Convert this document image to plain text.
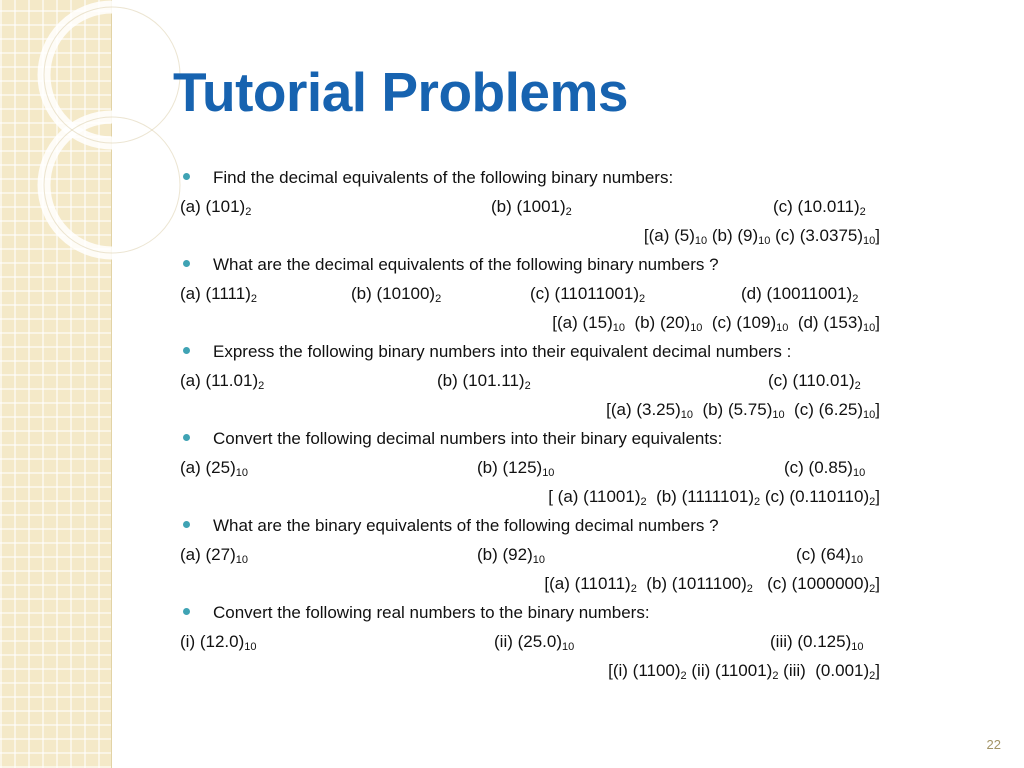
Tutorial Problems
Find the decimal equivalents of the following binary numbers:
(a) $(101)_2$	(b) $(1001)_2$	(c) $(10.011)_2$
[(a) $(5)_{10}$ (b) $(9)_{10}$ (c) $(3.0375)_{10}$]
What are the decimal equivalents of the following binary numbers ?
(a) $(1111)_2$	(b) $(10100)_2$	(c) $(11011001)_2$	(d) $(10011001)_2$
[(a) $(15)_{10}$  (b) $(20)_{10}$  (c) $(109)_{10}$  (d) $(153)_{10}$]
Express the following binary numbers into their equivalent decimal numbers :
(a) $(11.01)_2$	(b) $(101.11)_2$	(c) $(110.01)_2$
[(a) $(3.25)_{10}$  (b) $(5.75)_{10}$  (c) $(6.25)_{10}$]
Convert the following decimal numbers into their binary equivalents:
(a) $(25)_{10}$	(b) $(125)_{10}$	(c) $(0.85)_{10}$
[ (a) $(11001)_2$  (b) $(1111101)_2$ (c) $(0.110110)_2$]
What are the binary equivalents of the following decimal numbers ?
(a) $(27)_{10}$	(b) $(92)_{10}$	(c) $(64)_{10}$
[(a) $(11011)_2$  (b) $(1011100)_2$   (c) $(1000000)_2$]
Convert the following real numbers to the binary numbers:
(i) $(12.0)_{10}$	(ii) $(25.0)_{10}$	(iii) $(0.125)_{10}$
[(i) $(1100)_2$ (ii) $(11001)_2$ (iii)  $(0.001)_2$]
22
